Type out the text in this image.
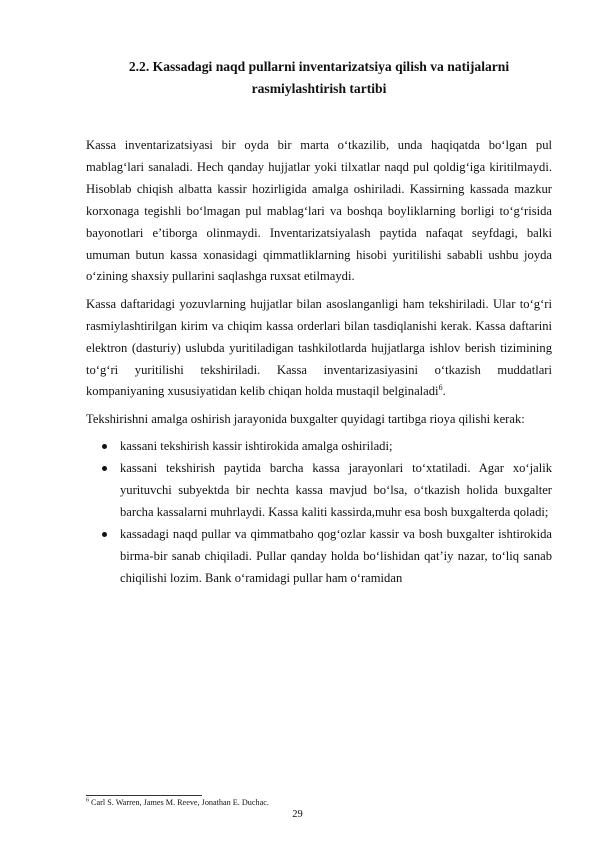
2.2. Kassadagi naqd pullarni inventarizatsiya qilish va natijalarni
rasmiylashtirish tartibi

Kassa inventarizatsiyasi bir oyda bir marta o‘tkazilib, unda haqiqatda bo‘lgan pul mablag‘lari sanaladi. Hech qanday hujjatlar yoki tilxatlar naqd pul qoldig‘iga kiritilmaydi. Hisoblab chiqish albatta kassir hozirligida amalga oshiriladi. Kassirning kassada mazkur korxonaga tegishli bo‘lmagan pul mablag‘lari va boshqa boyliklarning borligi to‘g‘risida bayonotlari e’tiborga olinmaydi. Inventarizatsiyalash paytida nafaqat seyfdagi, balki umuman butun kassa xonasidagi qimmatliklarning hisobi yuritilishi sababli ushbu joyda o‘zining shaxsiy pullarini saqlashga ruxsat etilmaydi.

Kassa daftaridagi yozuvlarning hujjatlar bilan asoslanganligi ham tekshiriladi. Ular to‘g‘ri rasmiylashtirilgan kirim va chiqim kassa orderlari bilan tasdiqlanishi kerak. Kassa daftarini elektron (dasturiy) uslubda yuritiladigan tashkilotlarda hujjatlarga ishlov berish tizimining to‘g‘ri yuritilishi tekshiriladi. Kassa inventarizasiyasini o‘tkazish muddatlari kompaniyaning xususiyatidan kelib chiqan holda mustaqil belginaladi$^6$.

Tekshirishni amalga oshirish jarayonida buxgalter quyidagi tartibga rioya qilishi kerak:

kassani tekshirish kassir ishtirokida amalga oshiriladi;
kassani tekshirish paytida barcha kassa jarayonlari to‘xtatiladi. Agar xo‘jalik yurituvchi subyektda bir nechta kassa mavjud bo‘lsa, o‘tkazish holida buxgalter barcha kassalarni muhrlaydi. Kassa kaliti kassirda,muhr esa bosh buxgalterda qoladi;
kassadagi naqd pullar va qimmatbaho qog‘ozlar kassir va bosh buxgalter ishtirokida birma-bir sanab chiqiladi. Pullar qanday holda bo‘lishidan qat’iy nazar, to‘liq sanab chiqilishi lozim. Bank o‘ramidagi pullar ham o‘ramidan
$^6$ Carl S. Warren, James M. Reeve, Jonathan E. Duchac.
29
